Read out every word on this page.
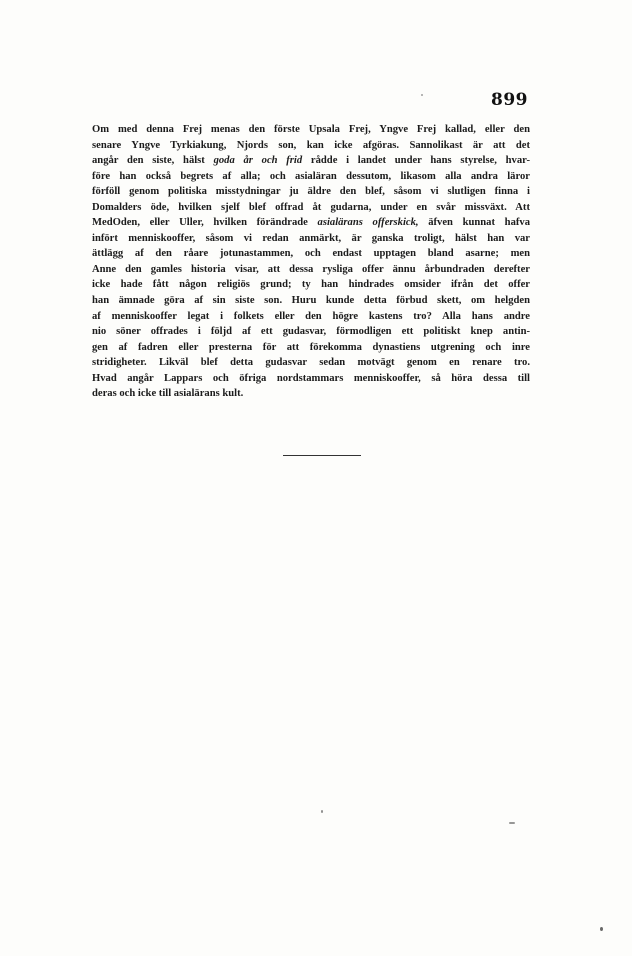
899
Om med denna Frej menas den förste Upsala Frej, Yngve Frej kallad, eller den
senare Yngve Tyrkiakung, Njords son, kan icke afgöras. Sannolikast är att det
angår den siste, hälst goda år och frid rådde i landet under hans styrelse, hvar-
före han också begrets af alla; och asialäran dessutom, likasom alla andra läror
förföll genom politiska misstydningar ju äldre den blef, såsom vi slutligen finna i
Domalders öde, hvilken sjelf blef offrad åt gudarna, under en svår missväxt. Att
MedOden, eller Uller, hvilken förändrade asialärans offerskick, äfven kunnat hafva
infört menniskooffer, såsom vi redan anmärkt, är ganska troligt, hälst han var
ättlägg af den råare jotunastammen, och endast upptagen bland asarne; men
Anne den gamles historia visar, att dessa rysliga offer ännu årbundraden derefter
icke hade fått någon religiös grund; ty han hindrades omsider ifrån det offer
han ämnade göra af sin siste son. Huru kunde detta förbud skett, om helgden
af menniskooffer legat i folkets eller den högre kastens tro? Alla hans andre
nio söner offrades i följd af ett gudasvar, förmodligen ett politiskt knep antin-
gen af fadren eller presterna för att förekomma dynastiens utgrening och inre
stridigheter. Likväl blef detta gudasvar sedan motvägt genom en renare tro.
Hvad angår Lappars och öfriga nordstammars menniskooffer, så höra dessa till
deras och icke till asialärans kult.
